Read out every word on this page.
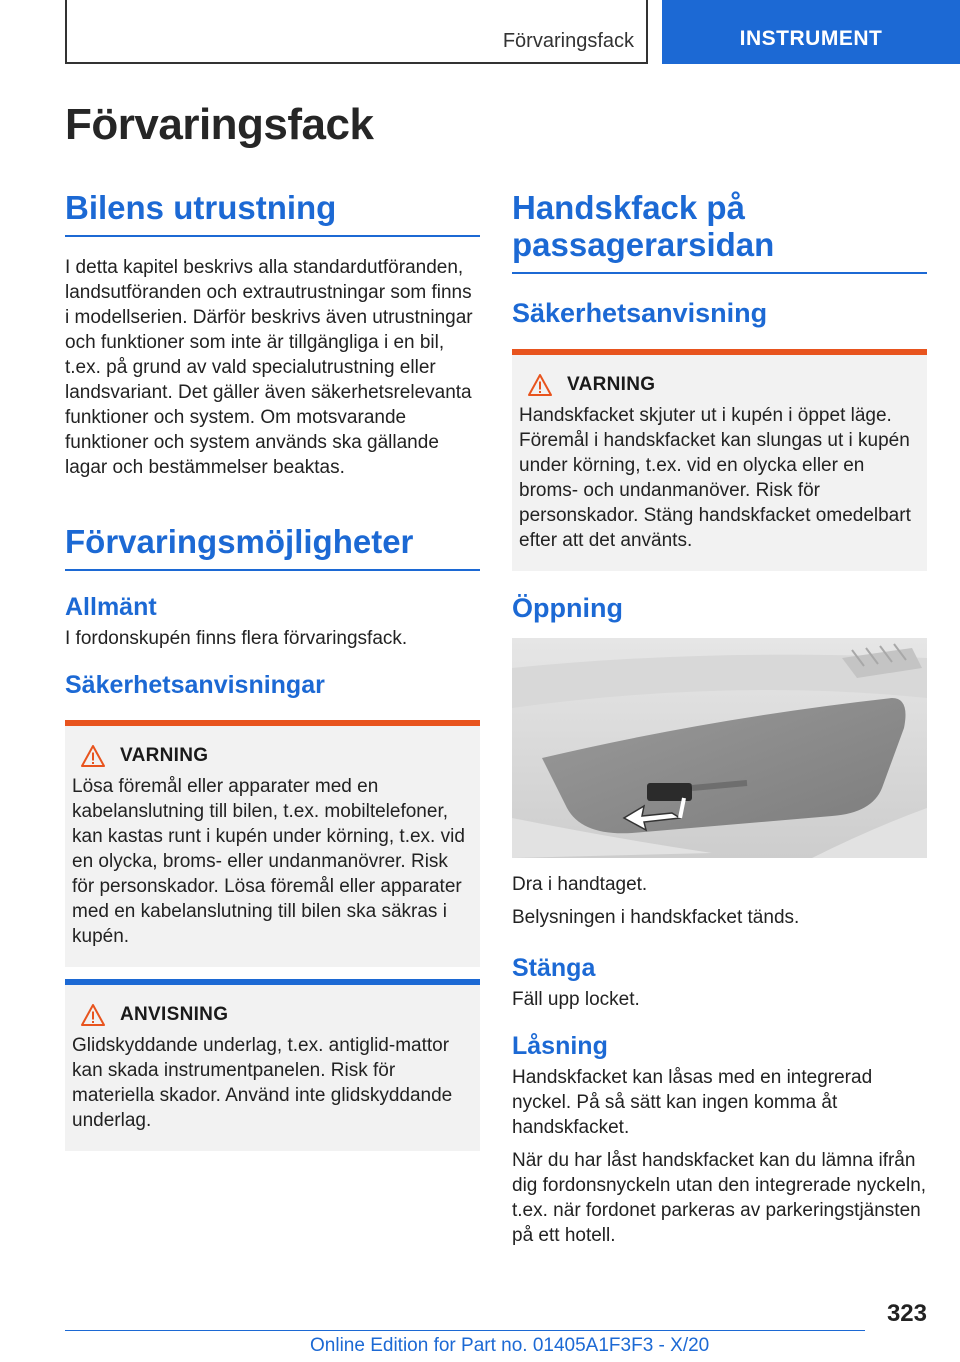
Förvaringsfack	INSTRUMENT
Förvaringsfack
Bilens utrustning

I detta kapitel beskrivs alla standardutföranden, landsutföranden och extrautrustningar som finns i modellserien. Därför beskrivs även utrustningar och funktioner som inte är tillgängliga i en bil, t.ex. på grund av vald specialutrustning eller landsvariant. Det gäller även säkerhetsrelevanta funktioner och system. Om motsvarande funktioner och system används ska gällande lagar och bestämmelser beaktas.

Förvaringsmöjligheter
Allmänt

I fordonskupén finns flera förvaringsfack.

Säkerhetsanvisningar
VARNING

Lösa föremål eller apparater med en kabelanslutning till bilen, t.ex. mobiltelefoner, kan kastas runt i kupén under körning, t.ex. vid en olycka, broms- eller undanmanövrer. Risk för personskador. Lösa föremål eller apparater med en kabelanslutning till bilen ska säkras i kupén.

ANVISNING

Glidskyddande underlag, t.ex. antiglid-mattor kan skada instrumentpanelen. Risk för materiella skador. Använd inte glidskyddande underlag.

Handskfack på passagerarsidan
Säkerhetsanvisning
VARNING

Handskfacket skjuter ut i kupén i öppet läge. Föremål i handskfacket kan slungas ut i kupén under körning, t.ex. vid en olycka eller en broms- och undanmanöver. Risk för personskador. Stäng handskfacket omedelbart efter att det använts.

Öppning

Dra i handtaget.

Belysningen i handskfacket tänds.

Stänga

Fäll upp locket.

Låsning

Handskfacket kan låsas med en integrerad nyckel. På så sätt kan ingen komma åt handskfacket.

När du har låst handskfacket kan du lämna ifrån dig fordonsnyckeln utan den integrerade nyckeln, t.ex. när fordonet parkeras av parkeringstjänsten på ett hotell.

323
Online Edition for Part no. 01405A1F3F3 - X/20
